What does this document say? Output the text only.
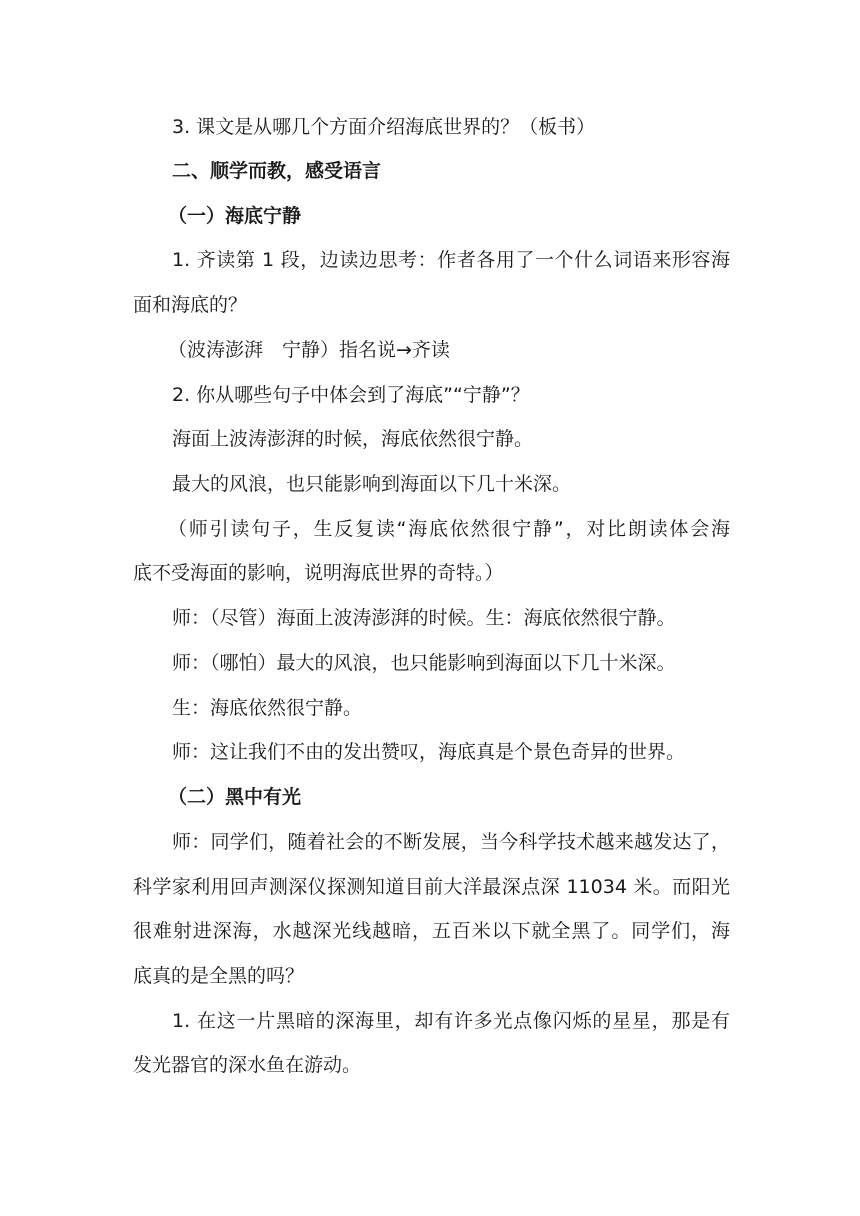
3. 课文是从哪几个方面介绍海底世界的？（板书）
二、顺学而教，感受语言
（一）海底宁静
1. 齐读第 1 段，边读边思考：作者各用了一个什么词语来形容海
面和海底的？
（波涛澎湃　宁静）指名说→齐读
2. 你从哪些句子中体会到了海底”“宁静”？
海面上波涛澎湃的时候，海底依然很宁静。
最大的风浪，也只能影响到海面以下几十米深。
（师引读句子，生反复读“海底依然很宁静”，对比朗读体会海
底不受海面的影响，说明海底世界的奇特。）
师：（尽管）海面上波涛澎湃的时候。生：海底依然很宁静。
师：（哪怕）最大的风浪，也只能影响到海面以下几十米深。
生：海底依然很宁静。
师：这让我们不由的发出赞叹，海底真是个景色奇异的世界。
（二）黑中有光
师：同学们，随着社会的不断发展，当今科学技术越来越发达了，
科学家利用回声测深仪探测知道目前大洋最深点深 11034 米。而阳光
很难射进深海，水越深光线越暗，五百米以下就全黑了。同学们，海
底真的是全黑的吗？
1. 在这一片黑暗的深海里，却有许多光点像闪烁的星星，那是有
发光器官的深水鱼在游动。
